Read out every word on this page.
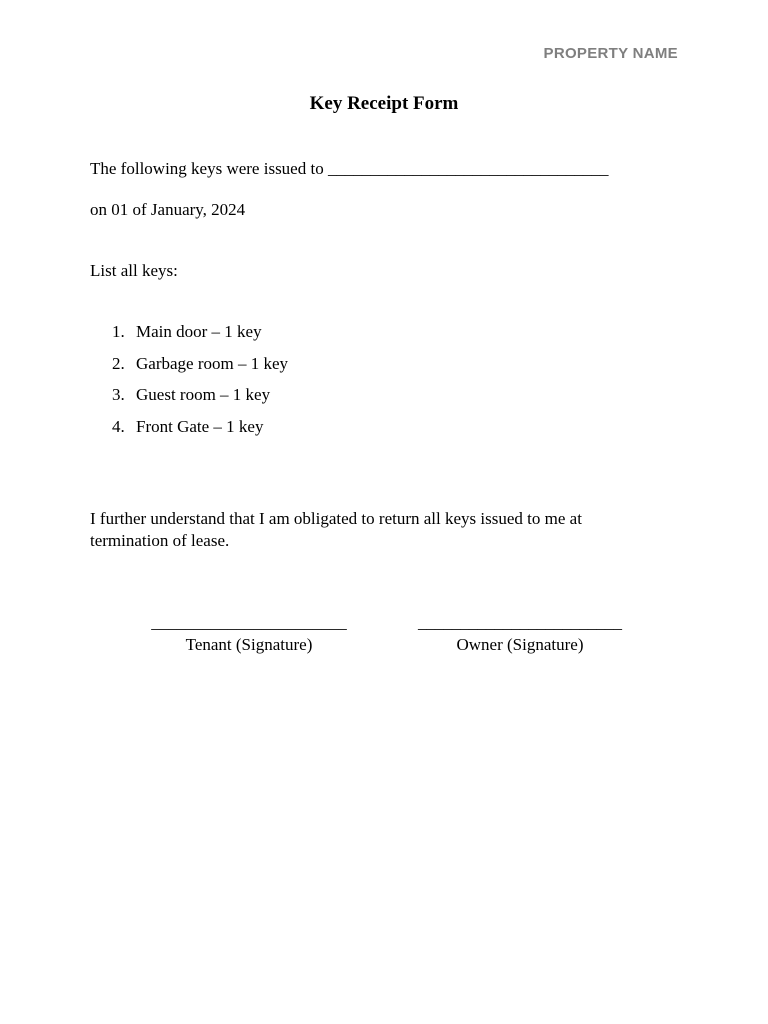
PROPERTY NAME
Key Receipt Form
The following keys were issued to _________________________________
on 01 of January, 2024
List all keys:
1. Main door – 1 key
2. Garbage room – 1 key
3. Guest room – 1 key
4. Front Gate – 1 key
I further understand that I am obligated to return all keys issued to me at termination of lease.
_______________________
Tenant (Signature)
________________________
Owner (Signature)
